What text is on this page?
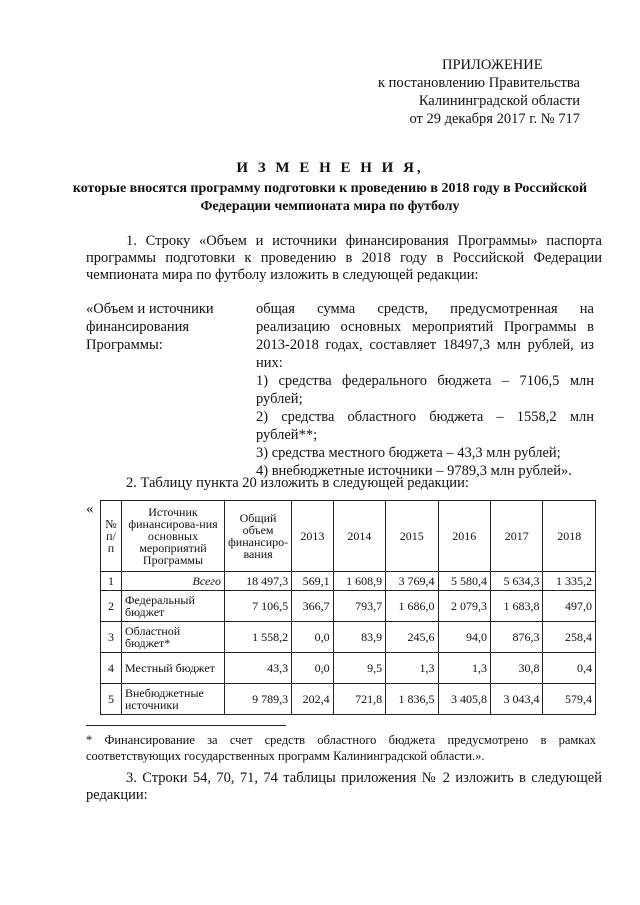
ПРИЛОЖЕНИЕ
к постановлению Правительства
Калининградской области
от 29 декабря 2017 г. № 717
И З М Е Н Е Н И Я,
которые вносятся программу подготовки к проведению в 2018 году в Российской Федерации чемпионата мира по футболу
1. Строку «Объем и источники финансирования Программы» паспорта программы подготовки к проведению в 2018 году в Российской Федерации чемпионата мира по футболу изложить в следующей редакции:
«Объем и источники финансирования Программы:

общая сумма средств, предусмотренная на реализацию основных мероприятий Программы в 2013-2018 годах, составляет 18497,3 млн рублей, из них:

1) средства федерального бюджета – 7106,5 млн рублей;

2) средства областного бюджета – 1558,2 млн рублей**;

3) средства местного бюджета – 43,3 млн рублей;

4) внебюджетные источники – 9789,3 млн рублей».

2. Таблицу пункта 20 изложить в следующей редакции:
«
№ п/п	Источник финансирова-ния основных мероприятий Программы	Общий объем финансиро-вания	2013	2014	2015	2016	2017	2018
1	Всего	18 497,3	569,1	1 608,9	3 769,4	5 580,4	5 634,3	1 335,2
2	Федеральный бюджет	7 106,5	366,7	793,7	1 686,0	2 079,3	1 683,8	497,0
3	Областной бюджет*	1 558,2	0,0	83,9	245,6	94,0	876,3	258,4
4	Местный бюджет	43,3	0,0	9,5	1,3	1,3	30,8	0,4
5	Внебюджетные источники	9 789,3	202,4	721,8	1 836,5	3 405,8	3 043,4	579,4
* Финансирование за счет средств областного бюджета предусмотрено в рамках соответствующих государственных программ Калининградской области.».
3. Строки 54, 70, 71, 74 таблицы приложения № 2 изложить в следующей редакции:
